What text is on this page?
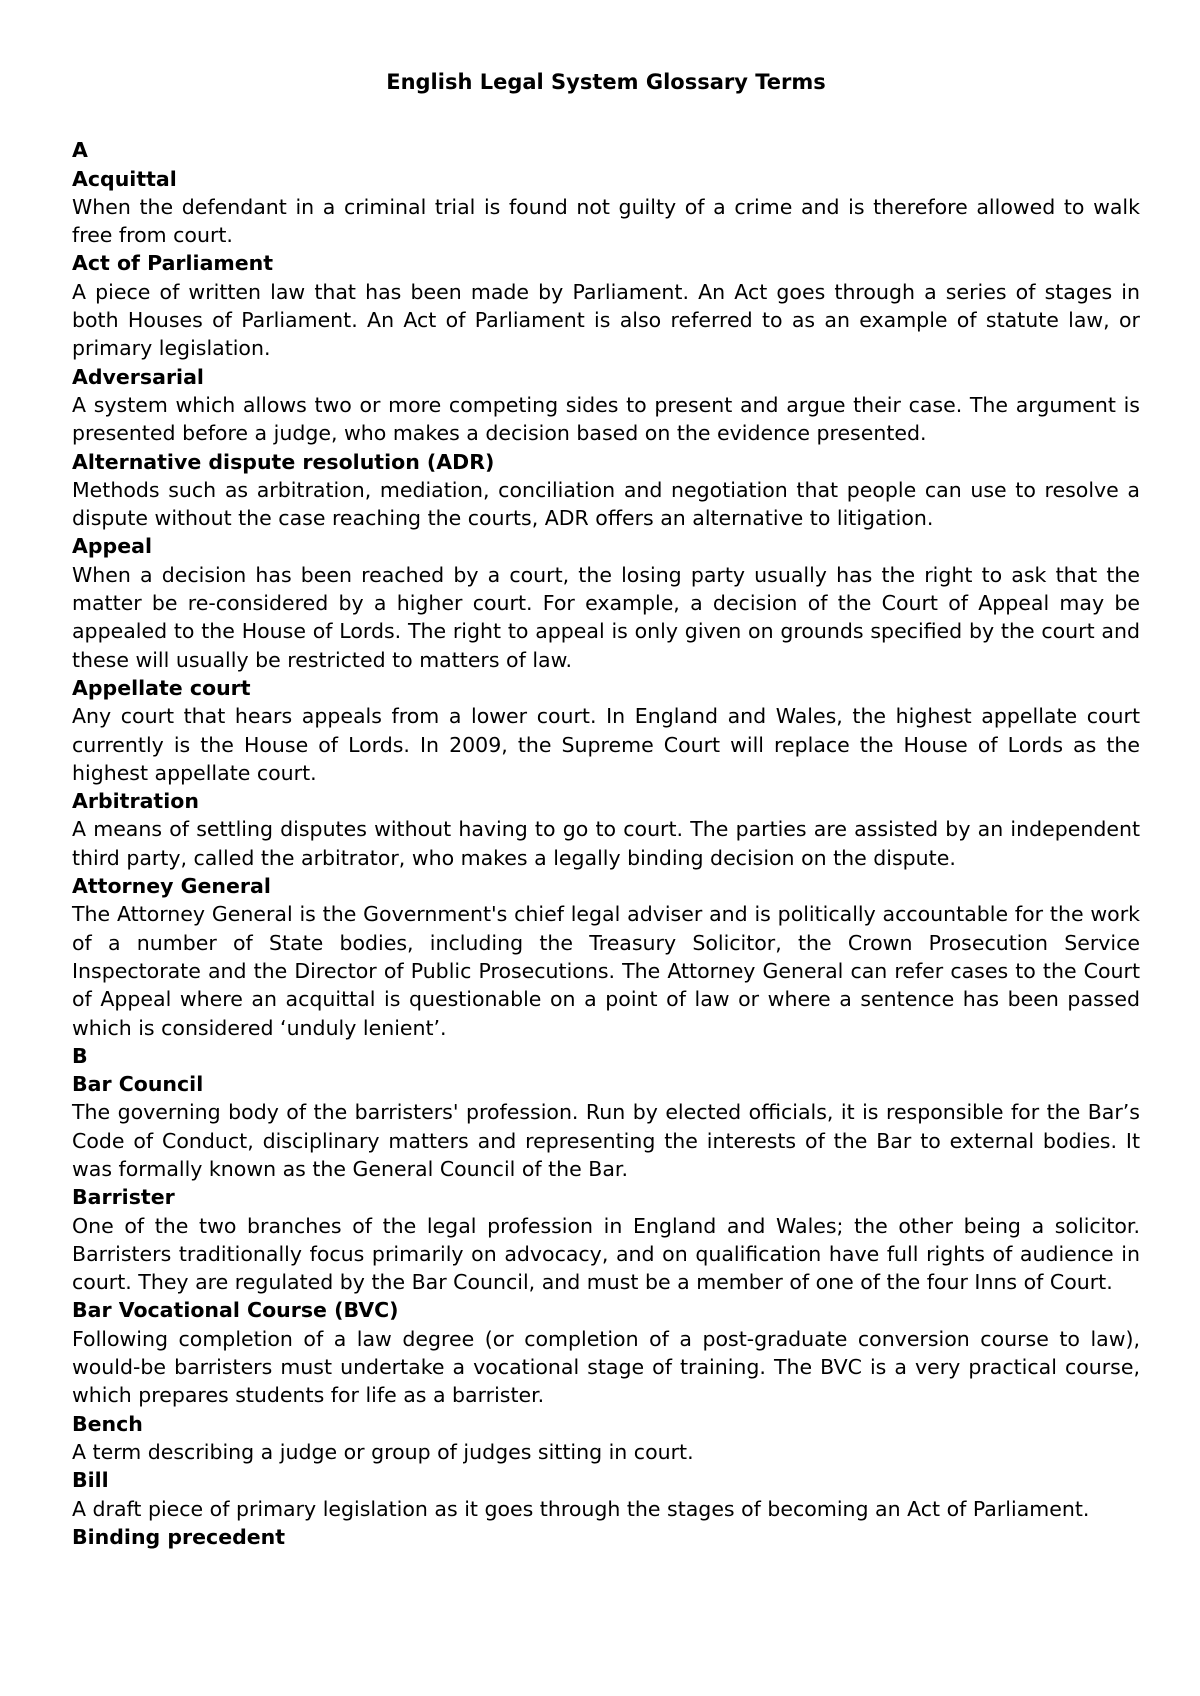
English Legal System Glossary Terms
A
Acquittal
When the defendant in a criminal trial is found not guilty of a crime and is therefore allowed to walk free from court.
Act of Parliament
A piece of written law that has been made by Parliament. An Act goes through a series of stages in both Houses of Parliament. An Act of Parliament is also referred to as an example of statute law, or primary legislation.
Adversarial
A system which allows two or more competing sides to present and argue their case. The argument is presented before a judge, who makes a decision based on the evidence presented.
Alternative dispute resolution (ADR)
Methods such as arbitration, mediation, conciliation and negotiation that people can use to resolve a dispute without the case reaching the courts, ADR offers an alternative to litigation.
Appeal
When a decision has been reached by a court, the losing party usually has the right to ask that the matter be re-considered by a higher court. For example, a decision of the Court of Appeal may be appealed to the House of Lords. The right to appeal is only given on grounds specified by the court and these will usually be restricted to matters of law.
Appellate court
Any court that hears appeals from a lower court. In England and Wales, the highest appellate court currently is the House of Lords. In 2009, the Supreme Court will replace the House of Lords as the highest appellate court.
Arbitration
A means of settling disputes without having to go to court. The parties are assisted by an independent third party, called the arbitrator, who makes a legally binding decision on the dispute.
Attorney General
The Attorney General is the Government's chief legal adviser and is politically accountable for the work of a number of State bodies, including the Treasury Solicitor, the Crown Prosecution Service Inspectorate and the Director of Public Prosecutions. The Attorney General can refer cases to the Court of Appeal where an acquittal is questionable on a point of law or where a sentence has been passed which is considered ‘unduly lenient’.
B
Bar Council
The governing body of the barristers' profession. Run by elected officials, it is responsible for the Bar’s Code of Conduct, disciplinary matters and representing the interests of the Bar to external bodies. It was formally known as the General Council of the Bar.
Barrister
One of the two branches of the legal profession in England and Wales; the other being a solicitor. Barristers traditionally focus primarily on advocacy, and on qualification have full rights of audience in court. They are regulated by the Bar Council, and must be a member of one of the four Inns of Court.
Bar Vocational Course (BVC)
Following completion of a law degree (or completion of a post-graduate conversion course to law), would-be barristers must undertake a vocational stage of training. The BVC is a very practical course, which prepares students for life as a barrister.
Bench
A term describing a judge or group of judges sitting in court.
Bill
A draft piece of primary legislation as it goes through the stages of becoming an Act of Parliament.
Binding precedent
